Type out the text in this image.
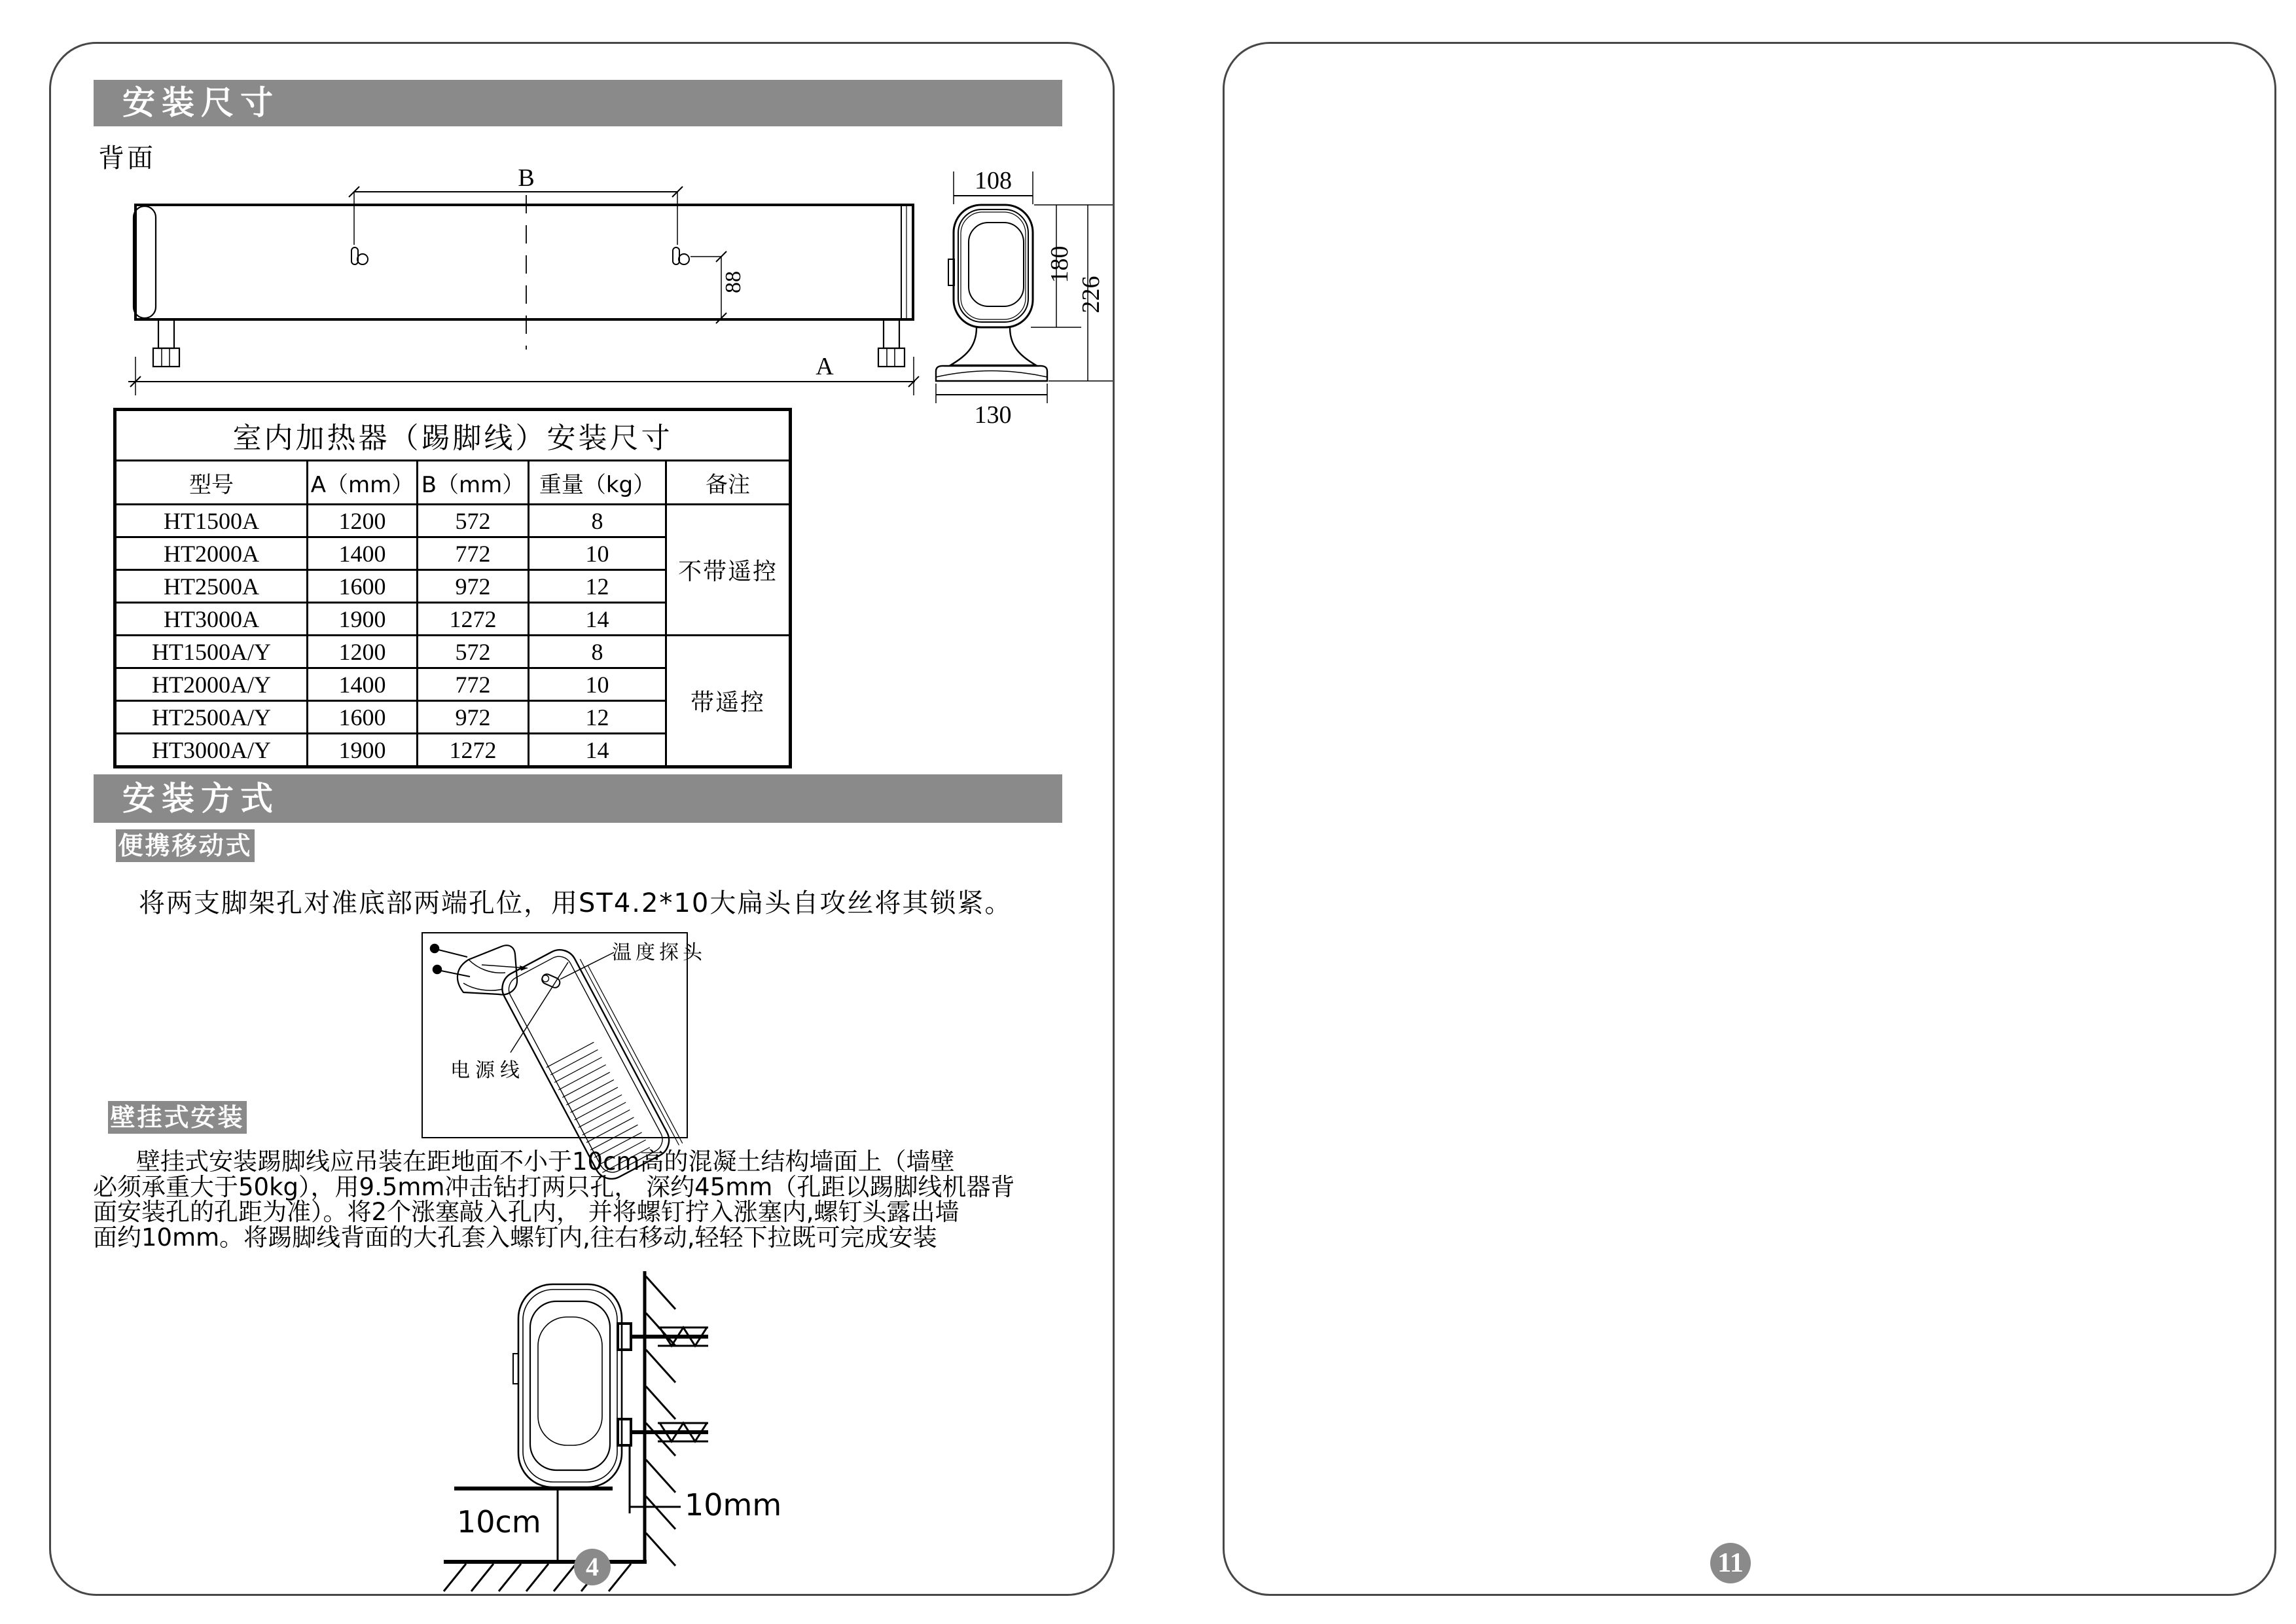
安装尺寸
背面
B
A
88
108
180
226
130
室内加热器（踢脚线）安装尺寸				
型号	A（mm）	B（mm）	重量（kg）	备注
HT1500A	1200	572	8	不带遥控
HT2000A	1400	772	10	
HT2500A	1600	972	12	
HT3000A	1900	1272	14	
HT1500A/Y	1200	572	8	带遥控
HT2000A/Y	1400	772	10	
HT2500A/Y	1600	972	12	
HT3000A/Y	1900	1272	14	
安装方式
便携移动式
将两支脚架孔对准底部两端孔位，用ST4.2*10大扁头自攻丝将其锁紧。
温度探头
电源线
壁挂式安装
壁挂式安装踢脚线应吊装在距地面不小于10cm高的混凝土结构墙面上（墙壁
必须承重大于50kg），用9.5mm冲击钻打两只孔， 深约45mm（孔距以踢脚线机器背
面安装孔的孔距为准）。将2个涨塞敲入孔内， 并将螺钉拧入涨塞内,螺钉头露出墙
面约10mm。将踢脚线背面的大孔套入螺钉内,往右移动,轻轻下拉既可完成安装
10cm	10mm
4	11
